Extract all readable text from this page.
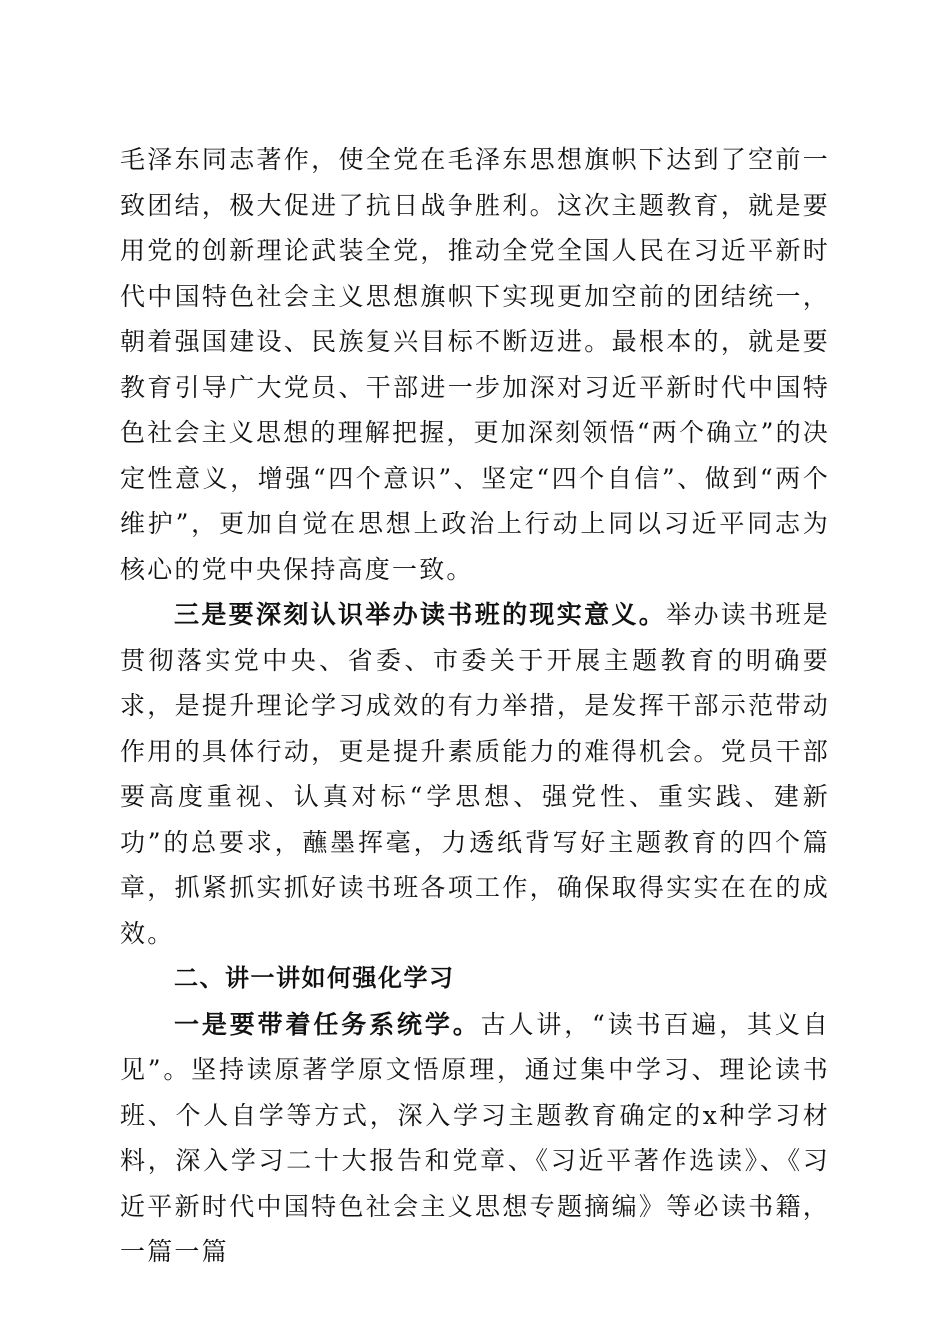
毛泽东同志著作，使全党在毛泽东思想旗帜下达到了空前一致团结，极大促进了抗日战争胜利。这次主题教育，就是要用党的创新理论武装全党，推动全党全国人民在习近平新时代中国特色社会主义思想旗帜下实现更加空前的团结统一，朝着强国建设、民族复兴目标不断迈进。最根本的，就是要教育引导广大党员、干部进一步加深对习近平新时代中国特色社会主义思想的理解把握，更加深刻领悟“两个确立”的决定性意义，增强“四个意识”、坚定“四个自信”、做到“两个维护”，更加自觉在思想上政治上行动上同以习近平同志为核心的党中央保持高度一致。

三是要深刻认识举办读书班的现实意义。举办读书班是贯彻落实党中央、省委、市委关于开展主题教育的明确要求，是提升理论学习成效的有力举措，是发挥干部示范带动作用的具体行动，更是提升素质能力的难得机会。党员干部要高度重视、认真对标“学思想、强党性、重实践、建新功”的总要求，蘸墨挥毫，力透纸背写好主题教育的四个篇章，抓紧抓实抓好读书班各项工作，确保取得实实在在的成效。

二、讲一讲如何强化学习

一是要带着任务系统学。古人讲，“读书百遍，其义自见”。坚持读原著学原文悟原理，通过集中学习、理论读书班、个人自学等方式，深入学习主题教育确定的x种学习材料，深入学习二十大报告和党章、《习近平著作选读》、《习近平新时代中国特色社会主义思想专题摘编》等必读书籍，一篇一篇
